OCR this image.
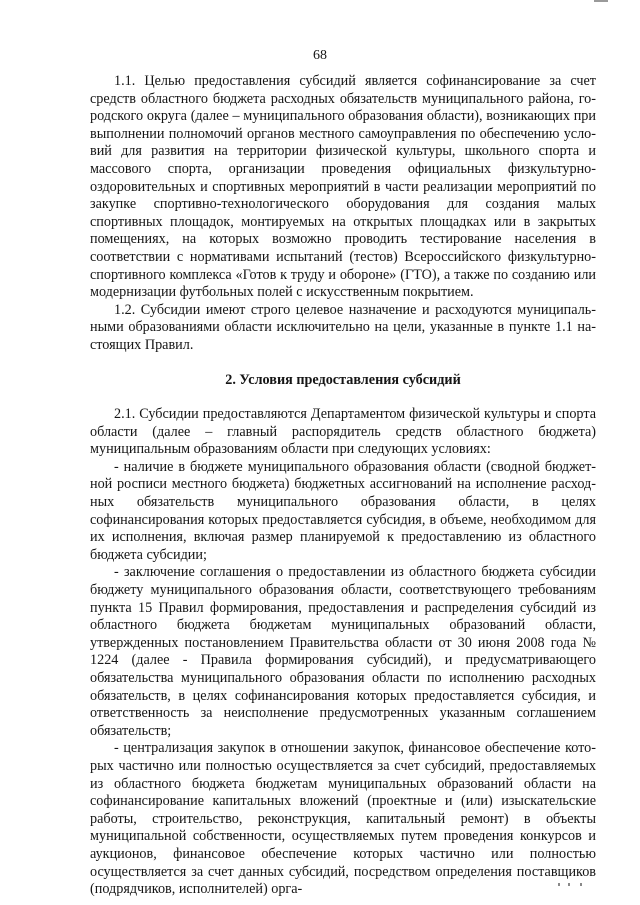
68

1.1. Целью предоставления субсидий является софинансирование за счет средств областного бюджета расходных обязательств муниципального района, городского округа (далее – муниципального образования области), возникающих при выполнении полномочий органов местного самоуправления по обеспечению условий для развития на территории физической культуры, школьного спорта и массового спорта, организации проведения официальных физкультурно-оздоровительных и спортивных мероприятий в части реализации мероприятий по закупке спортивно-технологического оборудования для создания малых спортивных площадок, монтируемых на открытых площадках или в закрытых помещениях, на которых возможно проводить тестирование населения в соответствии с нормативами испытаний (тестов) Всероссийского физкультурно-спортивного комплекса «Готов к труду и обороне» (ГТО), а также по созданию или модернизации футбольных полей с искусственным покрытием.

1.2. Субсидии имеют строго целевое назначение и расходуются муниципальными образованиями области исключительно на цели, указанные в пункте 1.1 настоящих Правил.

2. Условия предоставления субсидий

2.1. Субсидии предоставляются Департаментом физической культуры и спорта

области (далее – главный распорядитель средств областного бюджета)

муниципальным образованиям области при следующих условиях:

- наличие в бюджете муниципального образования области (сводной бюджетной росписи местного бюджета) бюджетных ассигнований на исполнение расходных обязательств муниципального образования области, в целях софинансирования которых предоставляется субсидия, в объеме, необходимом для их исполнения, включая размер планируемой к предоставлению из областного бюджета субсидии;

- заключение соглашения о предоставлении из областного бюджета субсидии бюджету муниципального образования области, соответствующего требованиям пункта 15 Правил формирования, предоставления и распределения субсидий из областного бюджета бюджетам муниципальных образований области, утвержденных постановлением Правительства области от 30 июня 2008 года № 1224 (далее - Правила формирования субсидий), и предусматривающего обязательства муниципального образования области по исполнению расходных обязательств, в целях софинансирования которых предоставляется субсидия, и ответственность за неисполнение предусмотренных указанным соглашением обязательств;

- централизация закупок в отношении закупок, финансовое обеспечение которых частично или полностью осуществляется за счет субсидий, предоставляемых из областного бюджета бюджетам муниципальных образований области на софинансирование капитальных вложений (проектные и (или) изыскательские работы, строительство, реконструкция, капитальный ремонт) в объекты муниципальной собственности, осуществляемых путем проведения конкурсов и аукционов, финансовое обеспечение которых частично или полностью осуществляется за счет данных субсидий, посредством определения поставщиков (подрядчиков, исполнителей) орга-
